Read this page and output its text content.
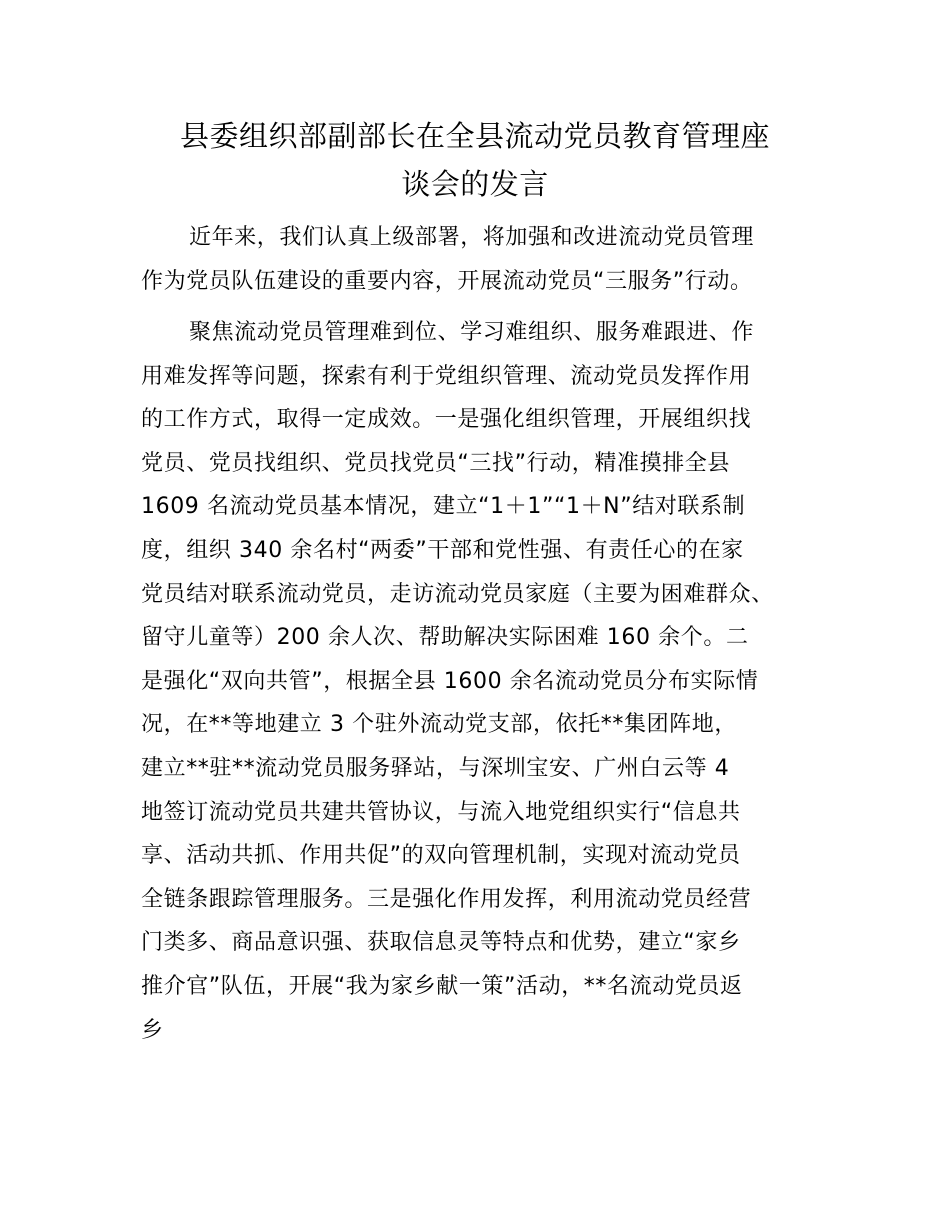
县委组织部副部长在全县流动党员教育管理座
谈会的发言
近年来，我们认真上级部署，将加强和改进流动党员管理
作为党员队伍建设的重要内容，开展流动党员“三服务”行动。
聚焦流动党员管理难到位、学习难组织、服务难跟进、作
用难发挥等问题，探索有利于党组织管理、流动党员发挥作用
的工作方式，取得一定成效。一是强化组织管理，开展组织找
党员、党员找组织、党员找党员“三找”行动，精准摸排全县
1609 名流动党员基本情况，建立“1＋1”“1＋N”结对联系制
度，组织 340 余名村“两委”干部和党性强、有责任心的在家
党员结对联系流动党员，走访流动党员家庭（主要为困难群众、
留守儿童等）200 余人次、帮助解决实际困难 160 余个。二
是强化“双向共管”，根据全县 1600 余名流动党员分布实际情
况，在**等地建立 3 个驻外流动党支部，依托**集团阵地，
建立**驻**流动党员服务驿站，与深圳宝安、广州白云等 4
地签订流动党员共建共管协议，与流入地党组织实行“信息共
享、活动共抓、作用共促”的双向管理机制，实现对流动党员
全链条跟踪管理服务。三是强化作用发挥，利用流动党员经营
门类多、商品意识强、获取信息灵等特点和优势，建立“家乡
推介官”队伍，开展“我为家乡献一策”活动，**名流动党员返
乡
